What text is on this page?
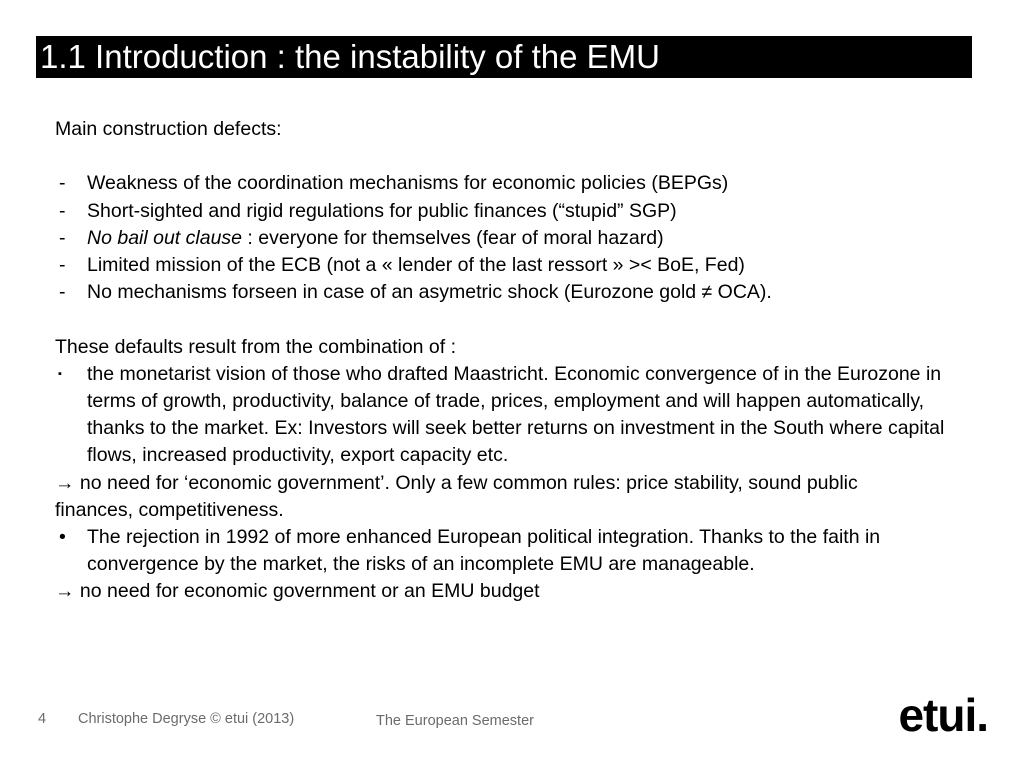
1.1 Introduction : the instability of the EMU

Main construction defects:

- Weakness of the coordination mechanisms for economic policies (BEPGs)
- Short-sighted and rigid regulations for public finances (“stupid” SGP)
- No bail out clause : everyone for themselves (fear of moral hazard)
- Limited mission of the ECB (not a « lender of the last ressort » >< BoE, Fed)
- No mechanisms forseen in case of an asymetric shock (Eurozone gold ≠ OCA).

These defaults result from the combination of :

▪ the monetarist vision of those who drafted Maastricht. Economic convergence of in the Eurozone in terms of growth, productivity, balance of trade, prices, employment and will happen automatically, thanks to the market. Ex: Investors will seek better returns on investment in the South where capital flows, increased productivity, export capacity etc.
→ no need for ‘economic government’. Only a few common rules: price stability, sound public finances, competitiveness.
• The rejection in 1992 of more enhanced European political integration. Thanks to the faith in convergence by the market, the risks of an incomplete EMU are manageable.
→ no need for economic government or an EMU budget
4 Christophe Degryse © etui (2013)	The European Semester	etui.
